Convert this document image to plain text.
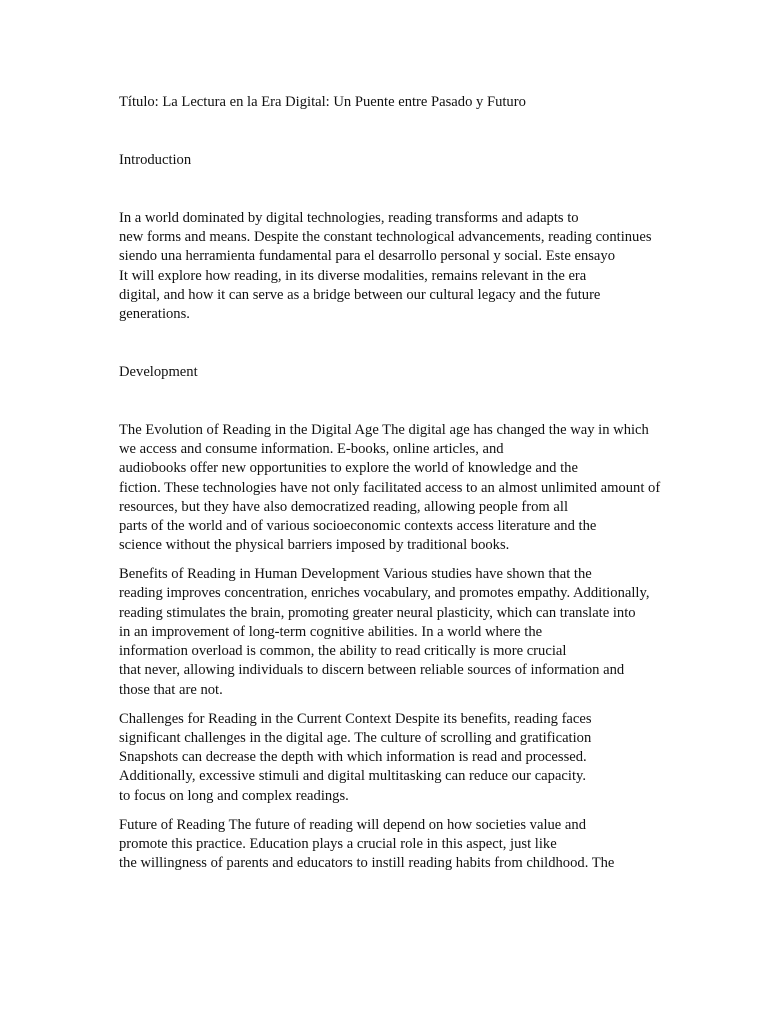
Título: La Lectura en la Era Digital: Un Puente entre Pasado y Futuro
Introduction
In a world dominated by digital technologies, reading transforms and adapts to
new forms and means. Despite the constant technological advancements, reading continues
siendo una herramienta fundamental para el desarrollo personal y social. Este ensayo
It will explore how reading, in its diverse modalities, remains relevant in the era
digital, and how it can serve as a bridge between our cultural legacy and the future
generations.
Development
The Evolution of Reading in the Digital Age The digital age has changed the way in which
we access and consume information. E-books, online articles, and
audiobooks offer new opportunities to explore the world of knowledge and the
fiction. These technologies have not only facilitated access to an almost unlimited amount of
resources, but they have also democratized reading, allowing people from all
parts of the world and of various socioeconomic contexts access literature and the
science without the physical barriers imposed by traditional books.
Benefits of Reading in Human Development Various studies have shown that the
reading improves concentration, enriches vocabulary, and promotes empathy. Additionally,
reading stimulates the brain, promoting greater neural plasticity, which can translate into
in an improvement of long-term cognitive abilities. In a world where the
information overload is common, the ability to read critically is more crucial
that never, allowing individuals to discern between reliable sources of information and
those that are not.
Challenges for Reading in the Current Context Despite its benefits, reading faces
significant challenges in the digital age. The culture of scrolling and gratification
Snapshots can decrease the depth with which information is read and processed.
Additionally, excessive stimuli and digital multitasking can reduce our capacity.
to focus on long and complex readings.
Future of Reading The future of reading will depend on how societies value and
promote this practice. Education plays a crucial role in this aspect, just like
the willingness of parents and educators to instill reading habits from childhood. The
